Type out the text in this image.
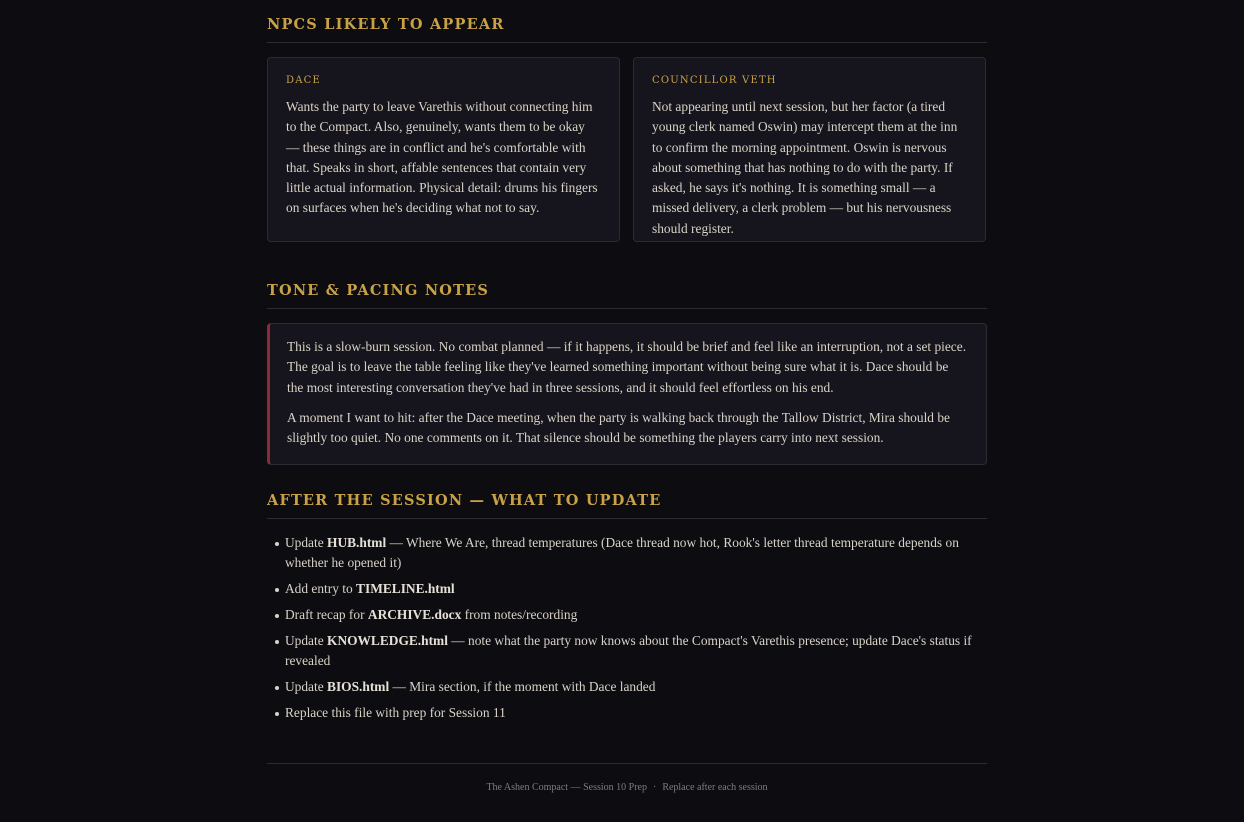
NPCS LIKELY TO APPEAR
DACE

Wants the party to leave Varethis without connecting him to the Compact. Also, genuinely, wants them to be okay — these things are in conflict and he's comfortable with that. Speaks in short, affable sentences that contain very little actual information. Physical detail: drums his fingers on surfaces when he's deciding what not to say.

COUNCILLOR VETH

Not appearing until next session, but her factor (a tired young clerk named Oswin) may intercept them at the inn to confirm the morning appointment. Oswin is nervous about something that has nothing to do with the party. If asked, he says it's nothing. It is something small — a missed delivery, a clerk problem — but his nervousness should register.

TONE & PACING NOTES

This is a slow-burn session. No combat planned — if it happens, it should be brief and feel like an interruption, not a set piece. The goal is to leave the table feeling like they've learned something important without being sure what it is. Dace should be the most interesting conversation they've had in three sessions, and it should feel effortless on his end.

A moment I want to hit: after the Dace meeting, when the party is walking back through the Tallow District, Mira should be slightly too quiet. No one comments on it. That silence should be something the players carry into next session.

AFTER THE SESSION — WHAT TO UPDATE
Update HUB.html — Where We Are, thread temperatures (Dace thread now hot, Rook's letter thread temperature depends on whether he opened it)
Add entry to TIMELINE.html
Draft recap for ARCHIVE.docx from notes/recording
Update KNOWLEDGE.html — note what the party now knows about the Compact's Varethis presence; update Dace's status if revealed
Update BIOS.html — Mira section, if the moment with Dace landed
Replace this file with prep for Session 11
The Ashen Compact — Session 10 Prep · Replace after each session
